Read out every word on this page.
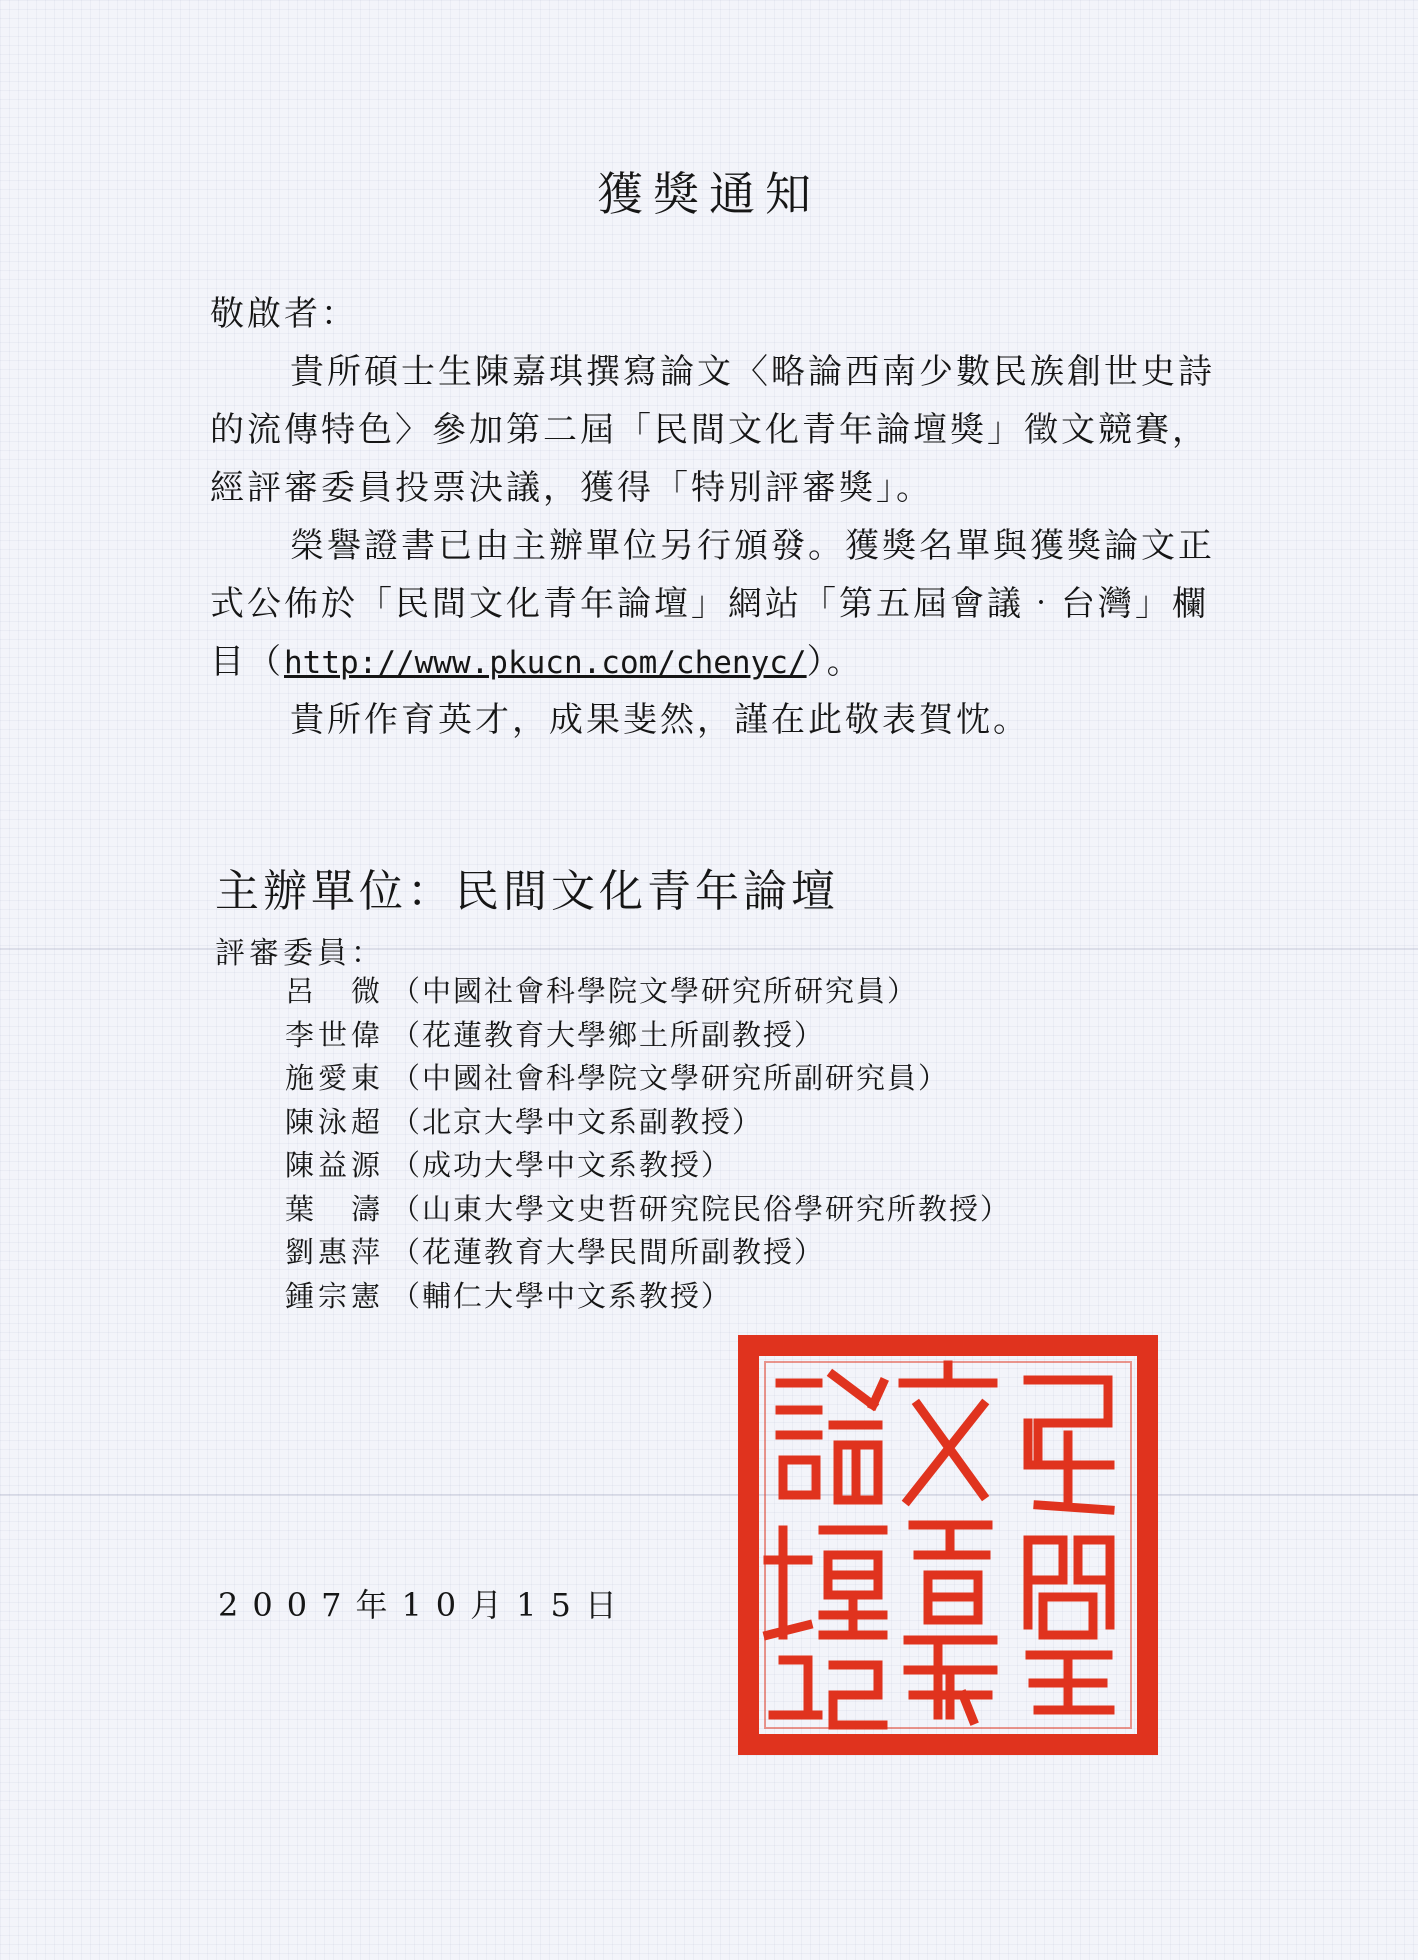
獲獎通知
敬啟者：
貴所碩士生陳嘉琪撰寫論文〈略論西南少數民族創世史詩的流傳特色〉參加第二屆「民間文化青年論壇獎」徵文競賽，經評審委員投票決議，獲得「特別評審獎」。
榮譽證書已由主辦單位另行頒發。獲獎名單與獲獎論文正式公佈於「民間文化青年論壇」網站「第五屆會議‧台灣」欄目（http://www.pkucn.com/chenyc/）。
貴所作育英才，成果斐然，謹在此敬表賀忱。
主辦單位：民間文化青年論壇
評審委員：
呂　微 （中國社會科學院文學研究所研究員）
李世偉 （花蓮教育大學鄉土所副教授）
施愛東 （中國社會科學院文學研究所副研究員）
陳泳超 （北京大學中文系副教授）
陳益源 （成功大學中文系教授）
葉　濤 （山東大學文史哲研究院民俗學研究所教授）
劉惠萍 （花蓮教育大學民間所副教授）
鍾宗憲 （輔仁大學中文系教授）
2007年10月15日
